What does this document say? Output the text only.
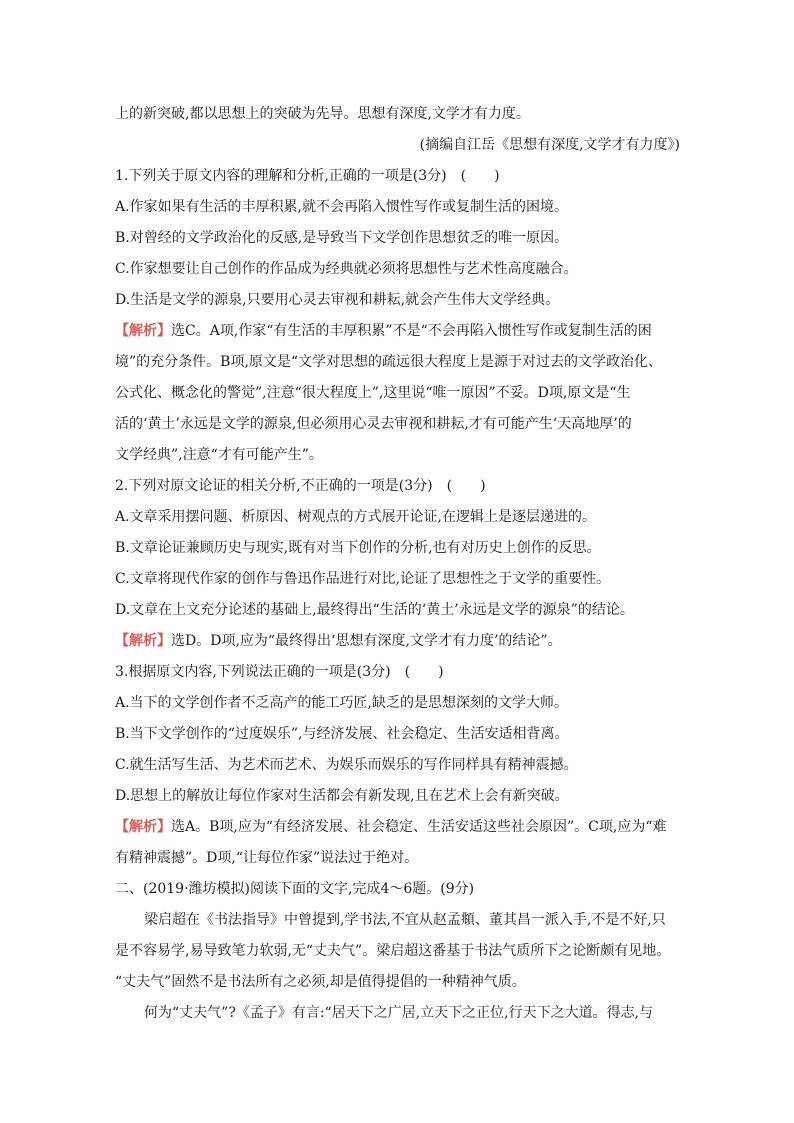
上的新突破,都以思想上的突破为先导。思想有深度,文学才有力度。
(摘编自江岳《思想有深度,文学才有力度》)
1.下列关于原文内容的理解和分析,正确的一项是(3分)　(　　)
A.作家如果有生活的丰厚积累,就不会再陷入惯性写作或复制生活的困境。
B.对曾经的文学政治化的反感,是导致当下文学创作思想贫乏的唯一原因。
C.作家想要让自己创作的作品成为经典就必须将思想性与艺术性高度融合。
D.生活是文学的源泉,只要用心灵去审视和耕耘,就会产生伟大文学经典。
【解析】选C。A项,作家“有生活的丰厚积累”不是“不会再陷入惯性写作或复制生活的困
境”的充分条件。B项,原文是“文学对思想的疏远很大程度上是源于对过去的文学政治化、
公式化、概念化的警觉”,注意“很大程度上”,这里说“唯一原因”不妥。D项,原文是“生
活的‘黄土’永远是文学的源泉,但必须用心灵去审视和耕耘,才有可能产生‘天高地厚’的
文学经典”,注意“才有可能产生”。
2.下列对原文论证的相关分析,不正确的一项是(3分)　(　　)
A.文章采用摆问题、析原因、树观点的方式展开论证,在逻辑上是逐层递进的。
B.文章论证兼顾历史与现实,既有对当下创作的分析,也有对历史上创作的反思。
C.文章将现代作家的创作与鲁迅作品进行对比,论证了思想性之于文学的重要性。
D.文章在上文充分论述的基础上,最终得出“生活的‘黄土’永远是文学的源泉”的结论。
【解析】选D。D项,应为“最终得出‘思想有深度,文学才有力度’的结论”。
3.根据原文内容,下列说法正确的一项是(3分)　(　　)
A.当下的文学创作者不乏高产的能工巧匠,缺乏的是思想深刻的文学大师。
B.当下文学创作的“过度娱乐”,与经济发展、社会稳定、生活安适相背离。
C.就生活写生活、为艺术而艺术、为娱乐而娱乐的写作同样具有精神震撼。
D.思想上的解放让每位作家对生活都会有新发现,且在艺术上会有新突破。
【解析】选A。B项,应为“有经济发展、社会稳定、生活安适这些社会原因”。C项,应为“难
有精神震撼”。D项,“让每位作家”说法过于绝对。
二、(2019·潍坊模拟)阅读下面的文字,完成4～6题。(9分)
梁启超在《书法指导》中曾提到,学书法,不宜从赵孟頫、董其昌一派入手,不是不好,只
是不容易学,易导致笔力软弱,无“丈夫气”。梁启超这番基于书法气质所下之论断颇有见地。
“丈夫气”固然不是书法所有之必须,却是值得提倡的一种精神气质。
何为“丈夫气”?《孟子》有言:“居天下之广居,立天下之正位,行天下之大道。得志,与
